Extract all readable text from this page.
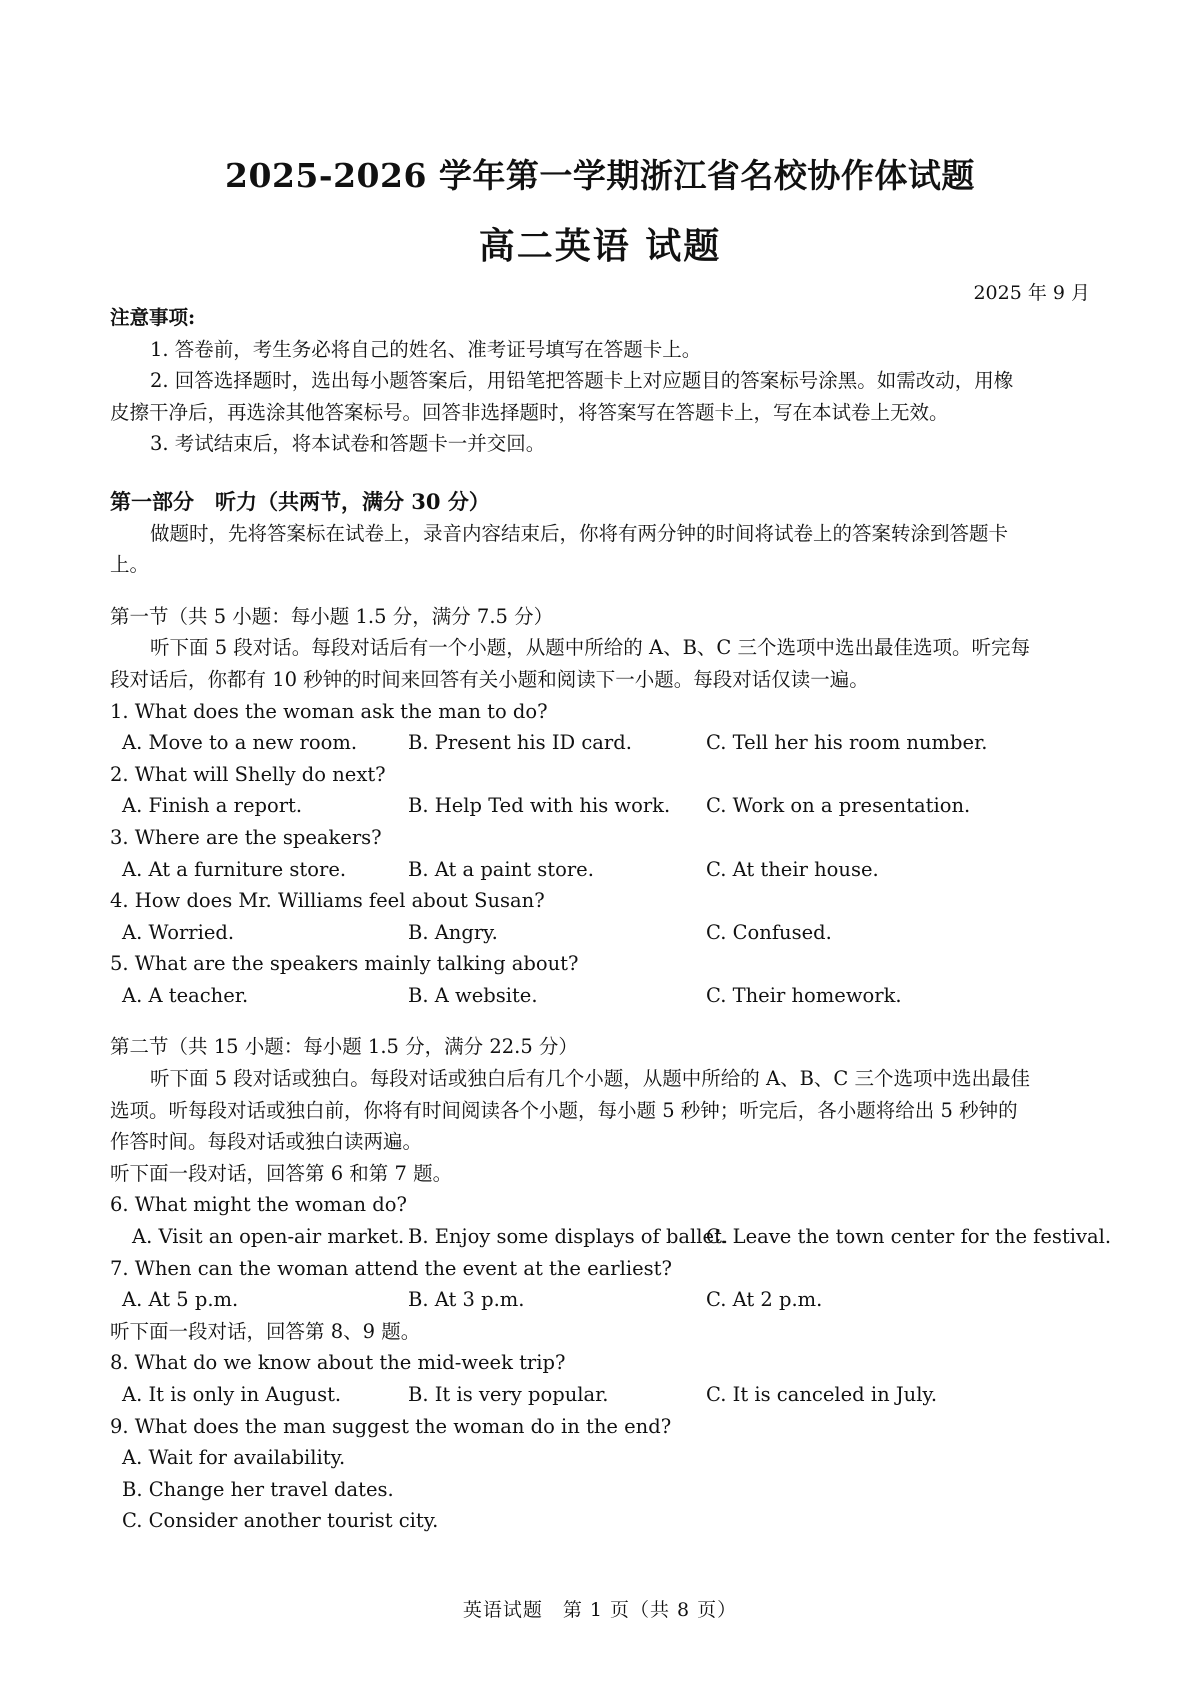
2025-2026 学年第一学期浙江省名校协作体试题
高二英语 试题
2025 年 9 月
注意事项:
1. 答卷前，考生务必将自己的姓名、准考证号填写在答题卡上。
2. 回答选择题时，选出每小题答案后，用铅笔把答题卡上对应题目的答案标号涂黑。如需改动，用橡
皮擦干净后，再选涂其他答案标号。回答非选择题时，将答案写在答题卡上，写在本试卷上无效。
3. 考试结束后，将本试卷和答题卡一并交回。
第一部分　听力（共两节，满分 30 分）
做题时，先将答案标在试卷上，录音内容结束后，你将有两分钟的时间将试卷上的答案转涂到答题卡
上。
第一节（共 5 小题：每小题 1.5 分，满分 7.5 分）
听下面 5 段对话。每段对话后有一个小题，从题中所给的 A、B、C 三个选项中选出最佳选项。听完每
段对话后，你都有 10 秒钟的时间来回答有关小题和阅读下一小题。每段对话仅读一遍。
1. What does the woman ask the man to do?
A. Move to a new room.	B. Present his ID card.	C. Tell her his room number.
2. What will Shelly do next?
A. Finish a report.	B. Help Ted with his work. C. Work on a presentation.
3. Where are the speakers?
A. At a furniture store.	B. At a paint store.	C. At their house.
4. How does Mr. Williams feel about Susan?
A. Worried.	B. Angry.	C. Confused.
5. What are the speakers mainly talking about?
A. A teacher.	B. A website.	C. Their homework.
第二节（共 15 小题：每小题 1.5 分，满分 22.5 分）
听下面 5 段对话或独白。每段对话或独白后有几个小题，从题中所给的 A、B、C 三个选项中选出最佳
选项。听每段对话或独白前，你将有时间阅读各个小题，每小题 5 秒钟；听完后，各小题将给出 5 秒钟的
作答时间。每段对话或独白读两遍。
听下面一段对话，回答第 6 和第 7 题。
6. What might the woman do?
A. Visit an open-air market. B. Enjoy some displays of ballet.
C. Leave the town center for the festival.
7. When can the woman attend the event at the earliest?
A. At 5 p.m.	B. At 3 p.m.	C. At 2 p.m.
听下面一段对话，回答第 8、9 题。
8. What do we know about the mid-week trip?
A. It is only in August.	B. It is very popular.	C. It is canceled in July.
9. What does the man suggest the woman do in the end?
A. Wait for availability.
B. Change her travel dates.
C. Consider another tourist city.
英语试题　第 1 页（共 8 页）
